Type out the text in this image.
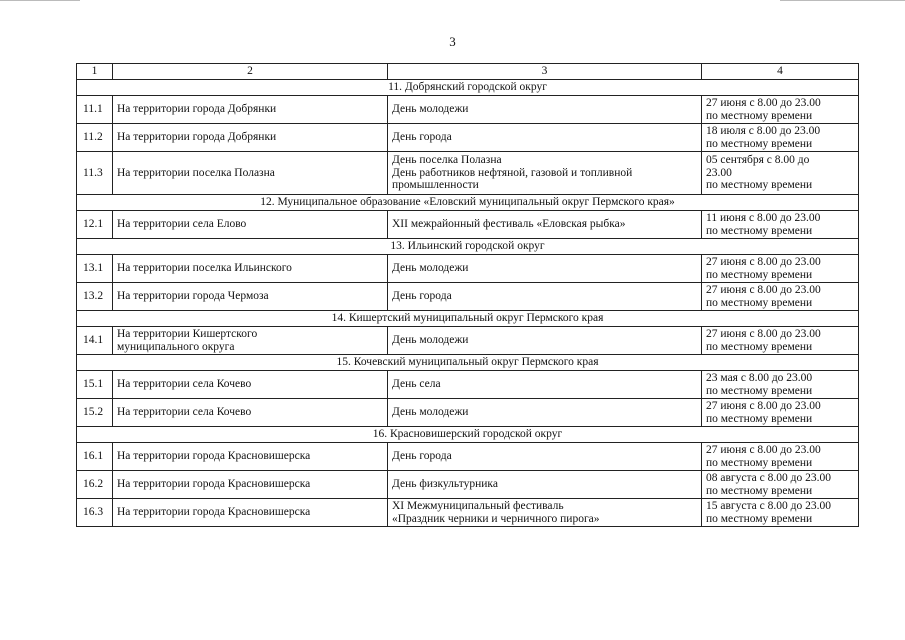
3
1	2	3	4
11. Добрянский городской округ			
11.1	На территории города Добрянки	День молодежи	27 июня с 8.00 до 23.00
по местному времени

11.2	На территории города Добрянки	День города	18 июля с 8.00 до 23.00
по местному времени

11.3	На территории поселка Полазна	День поселка Полазна
День работников нефтяной, газовой и топливной
промышленности	05 сентября с 8.00 до
23.00
по местному времени

12. Муниципальное образование «Еловский муниципальный округ Пермского края»			
12.1	На территории села Елово	XII межрайонный фестиваль «Еловская рыбка»	11 июня с 8.00 до 23.00
по местному времени

13. Ильинский городской округ			
13.1	На территории поселка Ильинского	День молодежи	27 июня с 8.00 до 23.00
по местному времени

13.2	На территории города Чермоза	День города	27 июня с 8.00 до 23.00
по местному времени

14. Кишертский муниципальный округ Пермского края			
14.1	На территории Кишертского
муниципального округа	День молодежи	27 июня с 8.00 до 23.00
по местному времени

15. Кочевский муниципальный округ Пермского края			
15.1	На территории села Кочево	День села	23 мая с 8.00 до 23.00
по местному времени

15.2	На территории села Кочево	День молодежи	27 июня с 8.00 до 23.00
по местному времени

16. Красновишерский городской округ			
16.1	На территории города Красновишерска	День города	27 июня с 8.00 до 23.00
по местному времени

16.2	На территории города Красновишерска	День физкультурника	08 августа с 8.00 до 23.00
по местному времени

16.3	На территории города Красновишерска	XI Межмуниципальный фестиваль
«Праздник черники и черничного пирога»	15 августа с 8.00 до 23.00
по местному времени
